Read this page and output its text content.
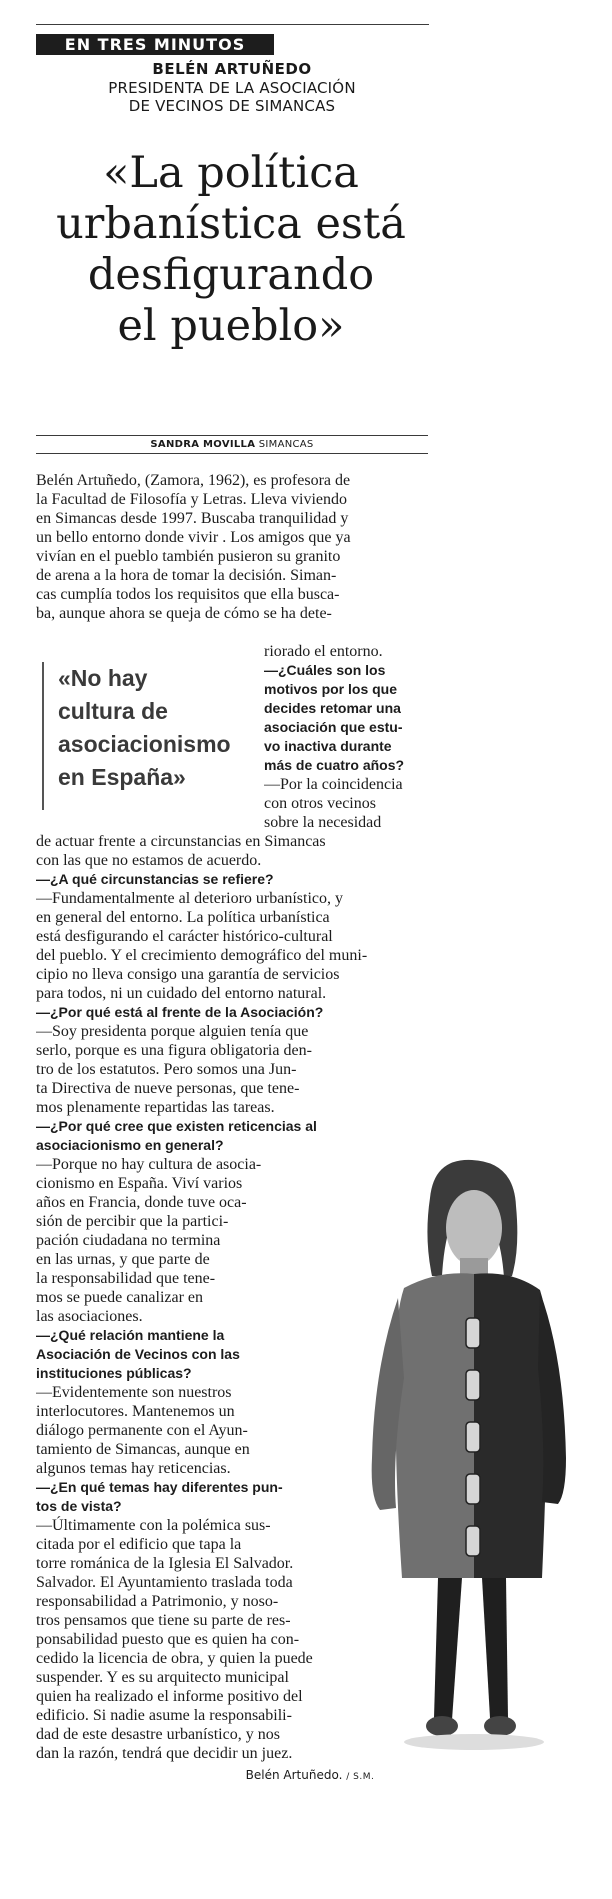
EN TRES MINUTOS
BELÉN ARTUÑEDO
PRESIDENTA DE LA ASOCIACIÓN
DE VECINOS DE SIMANCAS
«La política
urbanística está
desfigurando
el pueblo»
SANDRA MOVILLA SIMANCAS
Belén Artuñedo, (Zamora, 1962), es profesora de
la Facultad de Filosofía y Letras. Lleva viviendo
en Simancas desde 1997. Buscaba tranquilidad y
un bello entorno donde vivir . Los amigos que ya
vivían en el pueblo también pusieron su granito
de arena a la hora de tomar la decisión. Siman-
cas cumplía todos los requisitos que ella busca-
ba, aunque ahora se queja de cómo se ha dete-
«No hay
cultura de
asociacionismo
en España»
riorado el entorno.
—¿Cuáles son los
motivos por los que
decides retomar una
asociación que estu-
vo inactiva durante
más de cuatro años?
—Por la coincidencia
con otros vecinos
sobre la necesidad
de actuar frente a circunstancias en Simancas
con las que no estamos de acuerdo.
—¿A qué circunstancias se refiere?
—Fundamentalmente al deterioro urbanístico, y
en general del entorno. La política urbanística
está desfigurando el carácter histórico-cultural
del pueblo. Y el crecimiento demográfico del muni-
cipio no lleva consigo una garantía de servicios
para todos, ni un cuidado del entorno natural.
—¿Por qué está al frente de la Asociación?
—Soy presidenta porque alguien tenía que
serlo, porque es una figura obligatoria den-
tro de los estatutos. Pero somos una Jun-
ta Directiva de nueve personas, que tene-
mos plenamente repartidas las tareas.
—¿Por qué cree que existen reticencias al
asociacionismo en general?
—Porque no hay cultura de asocia-
cionismo en España. Viví varios
años en Francia, donde tuve oca-
sión de percibir que la partici-
pación ciudadana no termina
en las urnas, y que parte de
la responsabilidad que tene-
mos se puede canalizar en
las asociaciones.
—¿Qué relación mantiene la
Asociación de Vecinos con las
instituciones públicas?
—Evidentemente son nuestros
interlocutores. Mantenemos un
diálogo permanente con el Ayun-
tamiento de Simancas, aunque en
algunos temas hay reticencias.
—¿En qué temas hay diferentes pun-
tos de vista?
—Últimamente con la polémica sus-
citada por el edificio que tapa la
torre románica de la Iglesia El Salvador.
Salvador. El Ayuntamiento traslada toda
responsabilidad a Patrimonio, y noso-
tros pensamos que tiene su parte de res-
ponsabilidad puesto que es quien ha con-
cedido la licencia de obra, y quien la puede
suspender. Y es su arquitecto municipal
quien ha realizado el informe positivo del
edificio. Si nadie asume la responsabili-
dad de este desastre urbanístico, y nos
dan la razón, tendrá que decidir un juez.
Belén Artuñedo. / S.M.
